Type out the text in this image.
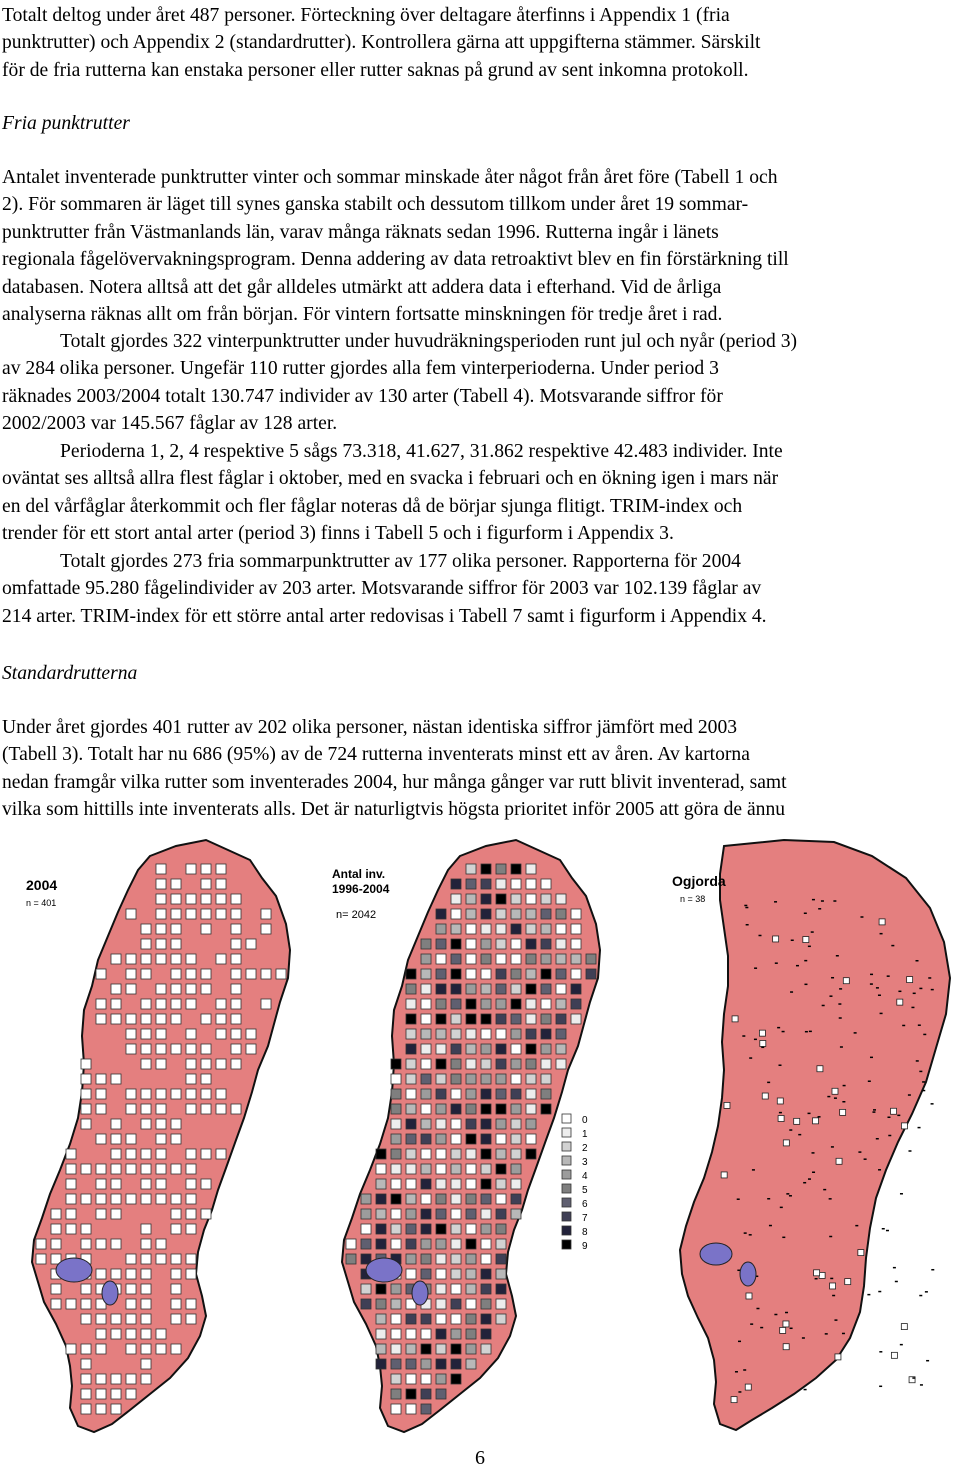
Totalt deltog under året 487 personer. Förteckning över deltagare återfinns i Appendix 1 (fria

punktrutter) och Appendix 2 (standardrutter). Kontrollera gärna att uppgifterna stämmer. Särskilt

för de fria rutterna kan enstaka personer eller rutter saknas på grund av sent inkomna protokoll.

Fria punktrutter

Antalet inventerade punktrutter vinter och sommar minskade åter något från året före (Tabell 1 och

2). För sommaren är läget till synes ganska stabilt och dessutom tillkom under året 19 sommar-

punktrutter från Västmanlands län, varav många räknats sedan 1996. Rutterna ingår i länets

regionala fågelövervakningsprogram. Denna addering av data retroaktivt blev en fin förstärkning till

databasen. Notera alltså att det går alldeles utmärkt att addera data i efterhand. Vid de årliga

analyserna räknas allt om från början. För vintern fortsatte minskningen för tredje året i rad.

Totalt gjordes 322 vinterpunktrutter under huvudräkningsperioden runt jul och nyår (period 3)

av 284 olika personer. Ungefär 110 rutter gjordes alla fem vinterperioderna. Under period 3

räknades 2003/2004 totalt 130.747 individer av 130 arter (Tabell 4). Motsvarande siffror för

2002/2003 var 145.567 fåglar av 128 arter.

Perioderna 1, 2, 4 respektive 5 sågs 73.318, 41.627, 31.862 respektive 42.483 individer. Inte

oväntat ses alltså allra flest fåglar i oktober, med en svacka i februari och en ökning igen i mars när

en del vårfåglar återkommit och fler fåglar noteras då de börjar sjunga flitigt. TRIM-index och

trender för ett stort antal arter (period 3) finns i Tabell 5 och i figurform i Appendix 3.

Totalt gjordes 273 fria sommarpunktrutter av 177 olika personer. Rapporterna för 2004

omfattade 95.280 fågelindivider av 203 arter. Motsvarande siffror för 2003 var 102.139 fåglar av

214 arter. TRIM-index för ett större antal arter redovisas i Tabell 7 samt i figurform i Appendix 4.

Standardrutterna

Under året gjordes 401 rutter av 202 olika personer, nästan identiska siffror jämfört med 2003

(Tabell 3). Totalt har nu 686 (95%) av de 724 rutterna inventerats minst ett av åren. Av kartorna

nedan framgår vilka rutter som inventerades 2004, hur många gånger var rutt blivit inventerad, samt

vilka som hittills inte inventerats alls. Det är naturligtvis högsta prioritet inför 2005 att göra de ännu

2004
n = 401
Antal inv.
1996-2004
n= 2042
0
1
2
3
4
5
6
7
8
9
Ogjorda
n = 38
6
